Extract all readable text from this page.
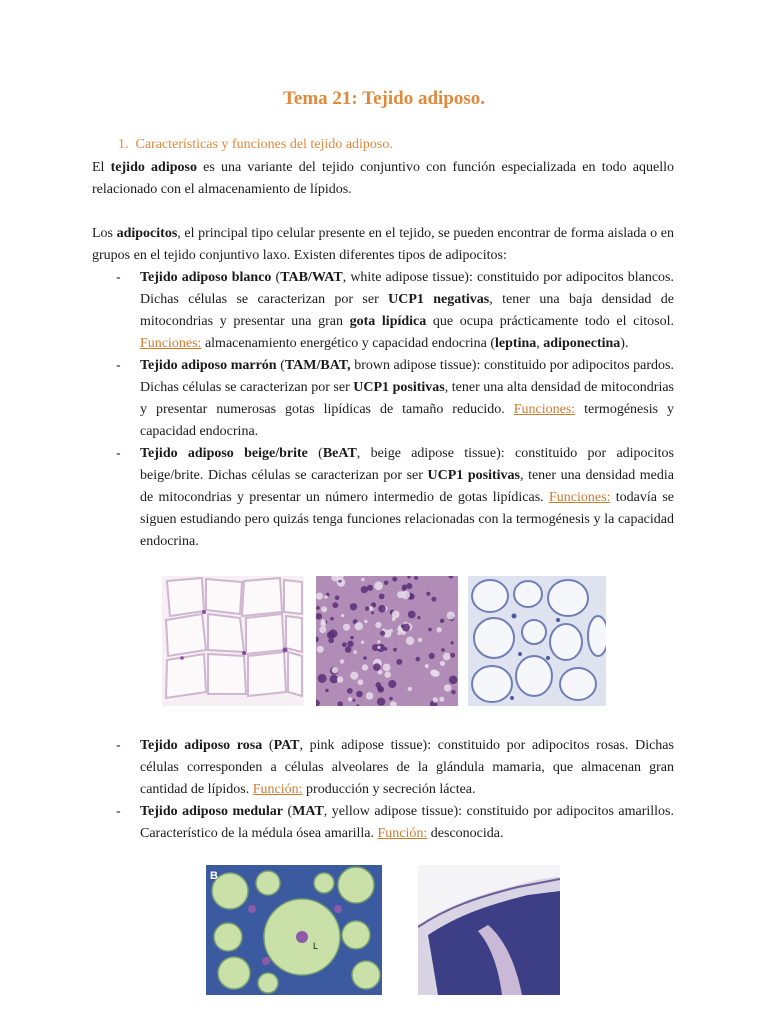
Tema 21: Tejido adiposo.
1. Características y funciones del tejido adiposo.

El tejido adiposo es una variante del tejido conjuntivo con función especializada en todo aquello relacionado con el almacenamiento de lípidos.

Los adipocitos, el principal tipo celular presente en el tejido, se pueden encontrar de forma aislada o en grupos en el tejido conjuntivo laxo. Existen diferentes tipos de adipocitos:

- Tejido adiposo blanco (TAB/WAT, white adipose tissue): constituido por adipocitos blancos. Dichas células se caracterizan por ser UCP1 negativas, tener una baja densidad de mitocondrias y presentar una gran gota lipídica que ocupa prácticamente todo el citosol. Funciones: almacenamiento energético y capacidad endocrina (leptina, adiponectina).
- Tejido adiposo marrón (TAM/BAT, brown adipose tissue): constituido por adipocitos pardos. Dichas células se caracterizan por ser UCP1 positivas, tener una alta densidad de mitocondrias y presentar numerosas gotas lipídicas de tamaño reducido. Funciones: termogénesis y capacidad endocrina.
- Tejido adiposo beige/brite (BeAT, beige adipose tissue): constituido por adipocitos beige/brite. Dichas células se caracterizan por ser UCP1 positivas, tener una densidad media de mitocondrias y presentar un número intermedio de gotas lipídicas. Funciones: todavía se siguen estudiando pero quizás tenga funciones relacionadas con la termogénesis y la capacidad endocrina.
- Tejido adiposo rosa (PAT, pink adipose tissue): constituido por adipocitos rosas. Dichas células corresponden a células alveolares de la glándula mamaria, que almacenan gran cantidad de lípidos. Función: producción y secreción láctea.
- Tejido adiposo medular (MAT, yellow adipose tissue): constituido por adipocitos amarillos. Característico de la médula ósea amarilla. Función: desconocida.
B
L
